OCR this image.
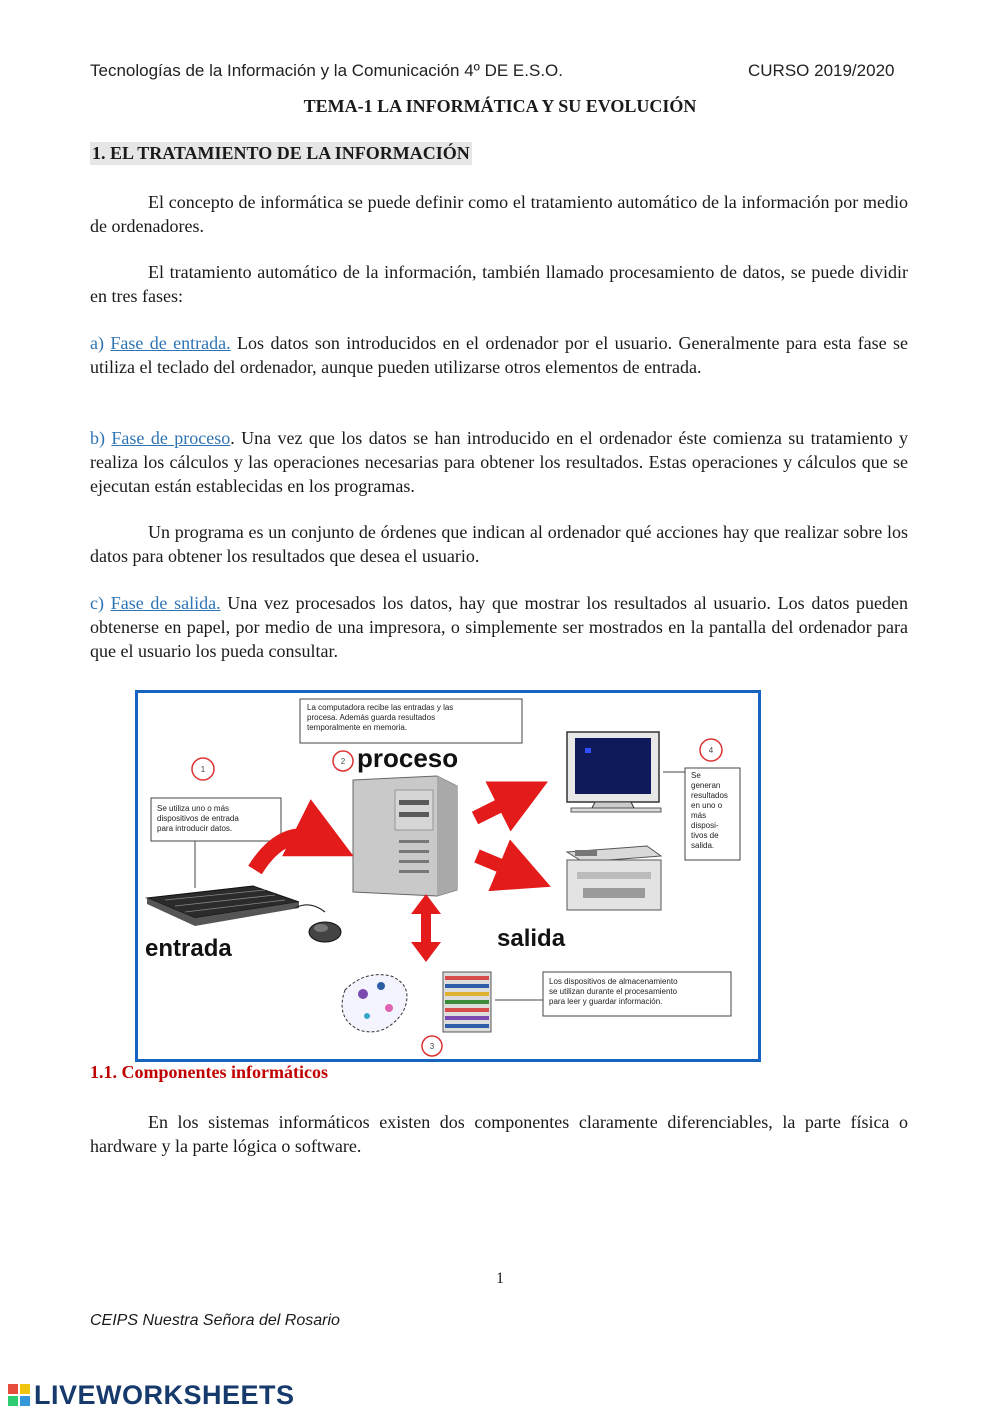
Tecnologías de la Información y la Comunicación 4º DE E.S.O.	CURSO 2019/2020
TEMA-1 LA INFORMÁTICA Y SU EVOLUCIÓN
1. EL TRATAMIENTO DE LA INFORMACIÓN

El concepto de informática se puede definir como el tratamiento automático de la información por medio de ordenadores.

El tratamiento automático de la información, también llamado procesamiento de datos, se puede dividir en tres fases:

a) Fase de entrada. Los datos son introducidos en el ordenador por el usuario. Generalmente para esta fase se utiliza el teclado del ordenador, aunque pueden utilizarse otros elementos de entrada.

b) Fase de proceso. Una vez que los datos se han introducido en el ordenador éste comienza su tratamiento y realiza los cálculos y las operaciones necesarias para obtener los resultados. Estas operaciones y cálculos que se ejecutan están establecidas en los programas.

Un programa es un conjunto de órdenes que indican al ordenador qué acciones hay que realizar sobre los datos para obtener los resultados que desea el usuario.

c) Fase de salida. Una vez procesados los datos, hay que mostrar los resultados al usuario. Los datos pueden obtenerse en papel, por medio de una impresora, o simplemente ser mostrados en la pantalla del ordenador para que el usuario los pueda consultar.

La computadora recibe las entradas y las procesa. Además guarda resultados temporalmente en memoria.
1
2
3
4
proceso
Se utiliza uno o más dispositivos de entrada para introducir datos.
Se generan resultados en uno o más disposi- tivos de salida.
entrada	salida
Los dispositivos de almacenamiento se utilizan durante el procesamiento para leer y guardar información.
1.1. Componentes informáticos

En los sistemas informáticos existen dos componentes claramente diferenciables, la parte física o hardware y la parte lógica o software.

1
CEIPS Nuestra Señora del Rosario
LIVEWORKSHEETS
